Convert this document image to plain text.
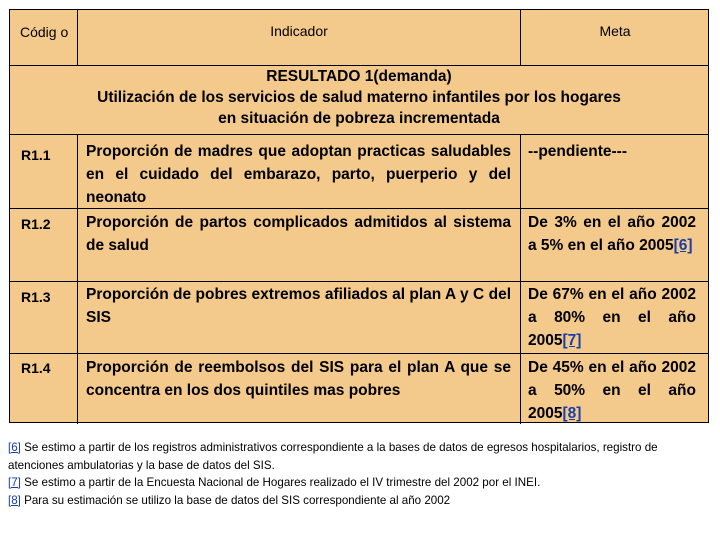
Códig o	Indicador	Meta
RESULTADO 1(demanda)
Utilización de los servicios de salud materno infantiles por los hogares
en situación de pobreza incrementada
R1.1 Proporción de madres que adoptan practicas saludables en el cuidado del embarazo, parto, puerperio y del neonato
--pendiente---
R1.2 Proporción de partos complicados admitidos al sistema de salud
De 3% en el año 2002 a 5% en el año 2005[6]
R1.3 Proporción de pobres extremos afiliados al plan A y C del SIS
De 67% en el año 2002 a 80% en el año 2005[7]
R1.4 Proporción de reembolsos del SIS para el plan A que se concentra en los dos quintiles mas pobres
De 45% en el año 2002 a 50% en el año 2005[8]
[6] Se estimo a partir de los registros administrativos correspondiente a la bases de datos de egresos hospitalarios, registro de atenciones ambulatorias y la base de datos del SIS.
[7] Se estimo a partir de la Encuesta Nacional de Hogares realizado el IV trimestre del 2002 por el INEI.
[8] Para su estimación se utilizo la base de datos del SIS correspondiente al año 2002
